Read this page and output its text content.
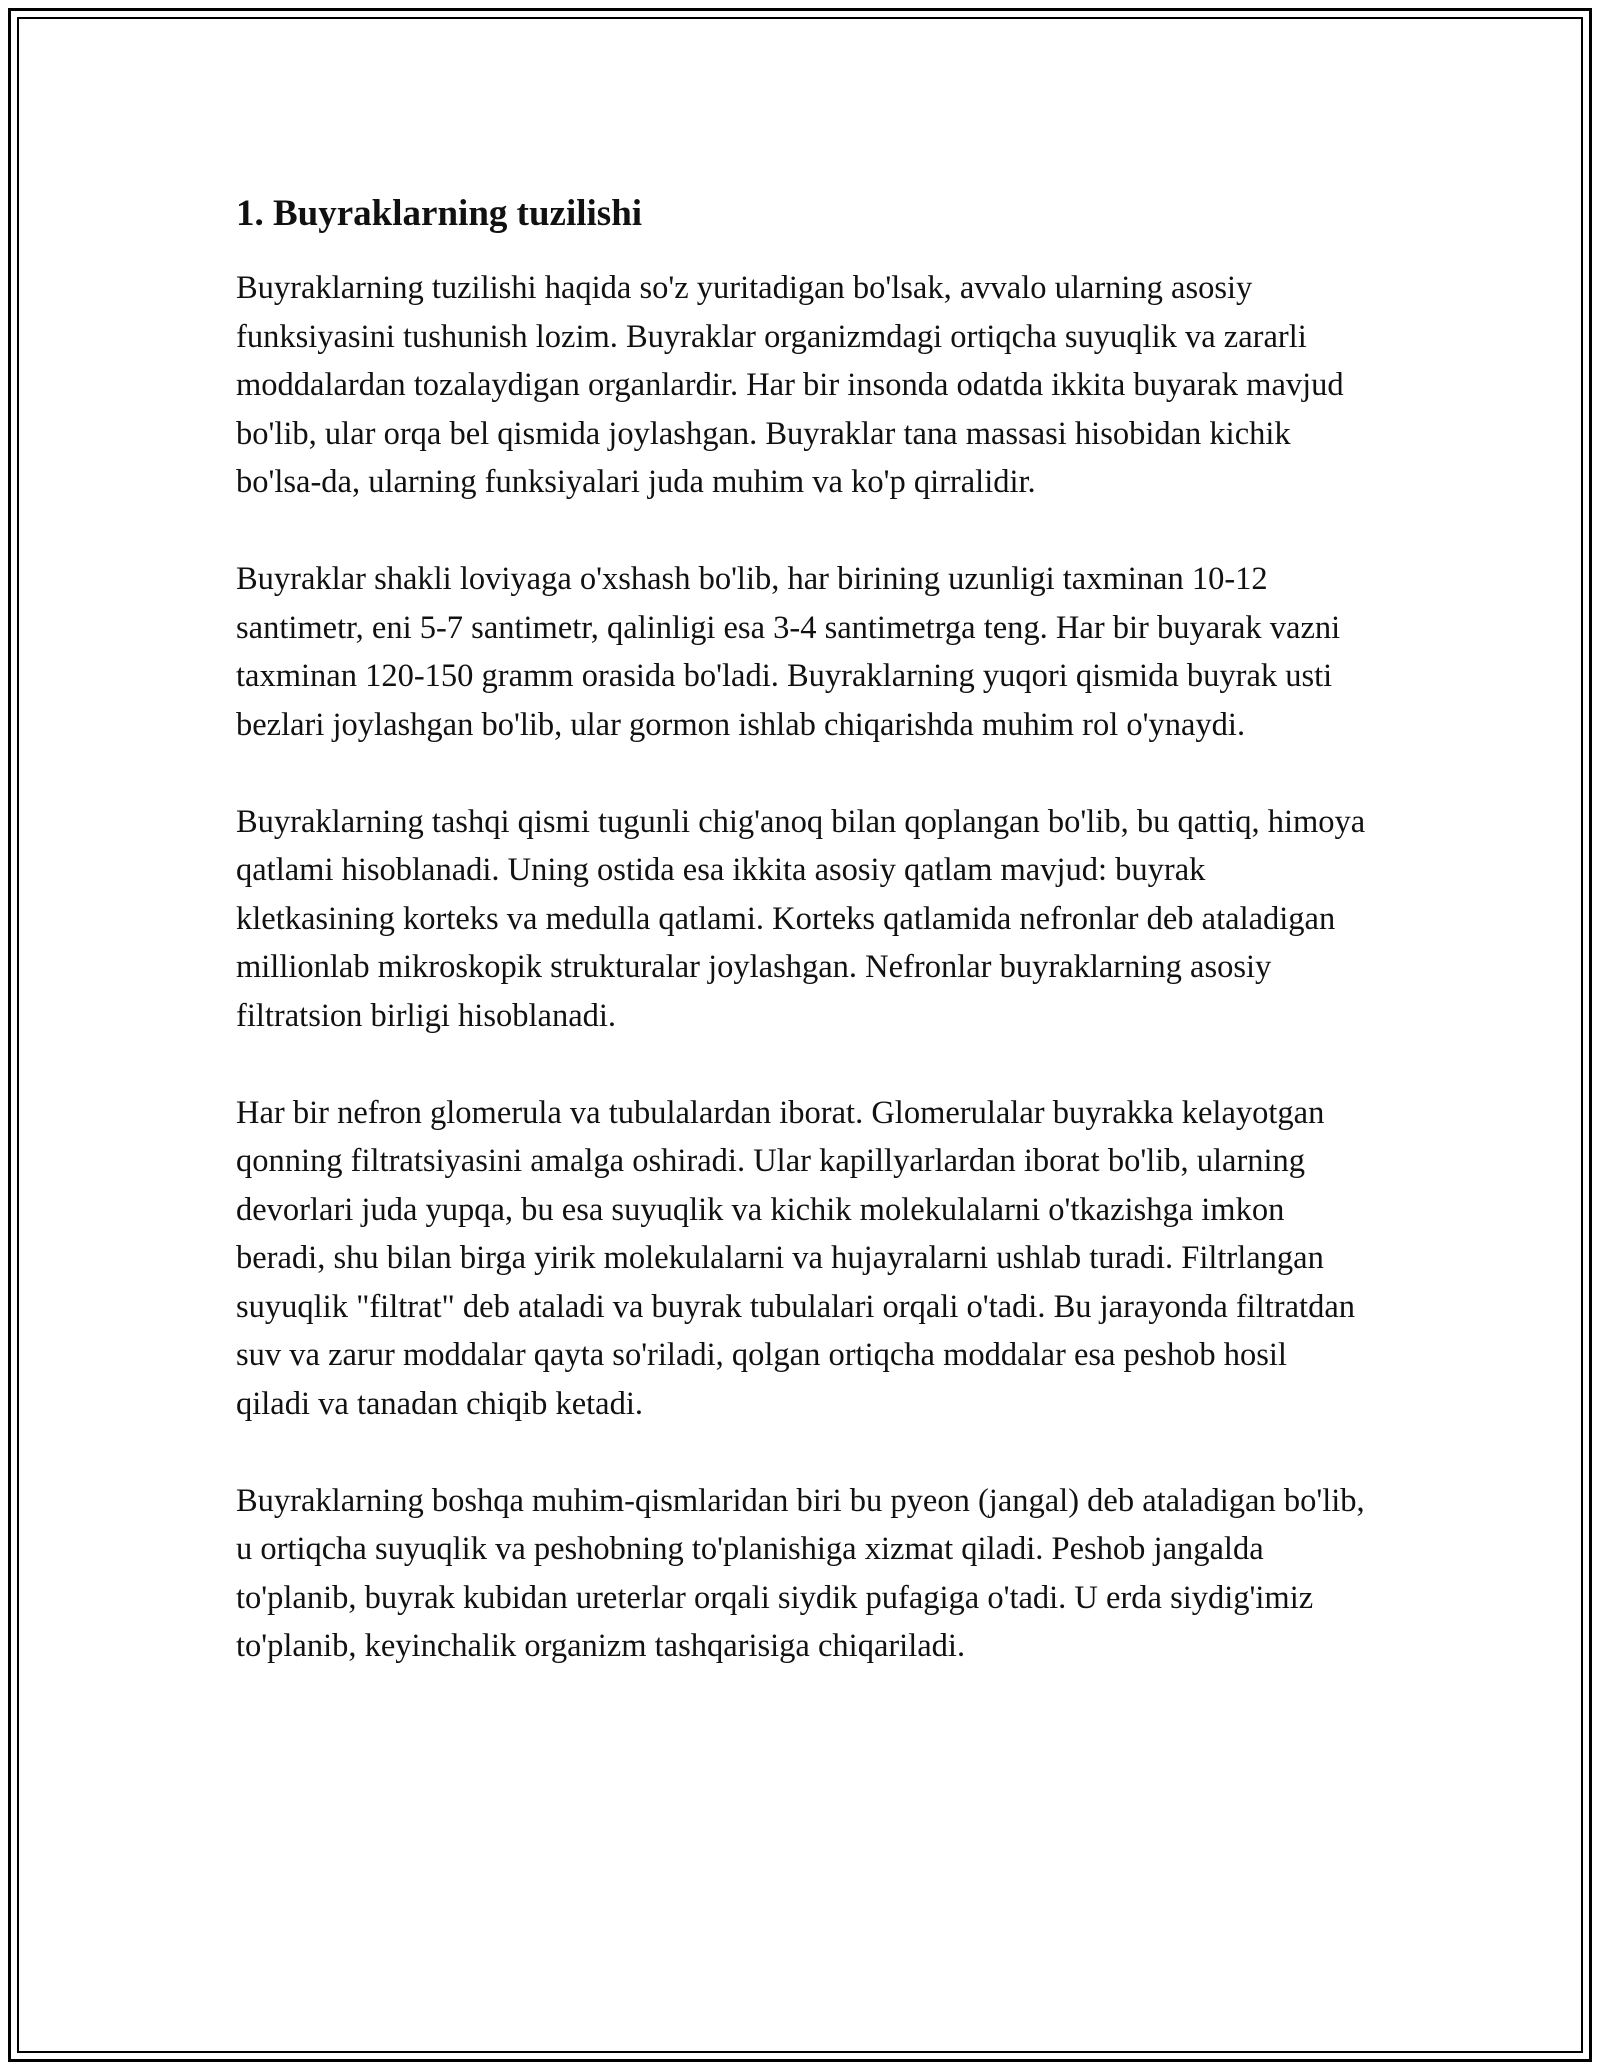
1. Buyraklarning tuzilishi

Buyraklarning tuzilishi haqida so'z yuritadigan bo'lsak, avvalo ularning asosiy funksiyasini tushunish lozim. Buyraklar organizmdagi ortiqcha suyuqlik va zararli moddalardan tozalaydigan organlardir. Har bir insonda odatda ikkita buyarak mavjud bo'lib, ular orqa bel qismida joylashgan. Buyraklar tana massasi hisobidan kichik bo'lsa-da, ularning funksiyalari juda muhim va ko'p qirralidir.

Buyraklar shakli loviyaga o'xshash bo'lib, har birining uzunligi taxminan 10-12 santimetr, eni 5-7 santimetr, qalinligi esa 3-4 santimetrga teng. Har bir buyarak vazni taxminan 120-150 gramm orasida bo'ladi. Buyraklarning yuqori qismida buyrak usti bezlari joylashgan bo'lib, ular gormon ishlab chiqarishda muhim rol o'ynaydi.

Buyraklarning tashqi qismi tugunli chig'anoq bilan qoplangan bo'lib, bu qattiq, himoya qatlami hisoblanadi. Uning ostida esa ikkita asosiy qatlam mavjud: buyrak kletkasining korteks va medulla qatlami. Korteks qatlamida nefronlar deb ataladigan millionlab mikroskopik strukturalar joylashgan. Nefronlar buyraklarning asosiy filtratsion birligi hisoblanadi.

Har bir nefron glomerula va tubulalardan iborat. Glomerulalar buyrakka kelayotgan qonning filtratsiyasini amalga oshiradi. Ular kapillyarlardan iborat bo'lib, ularning devorlari juda yupqa, bu esa suyuqlik va kichik molekulalarni o'tkazishga imkon beradi, shu bilan birga yirik molekulalarni va hujayralarni ushlab turadi. Filtrlangan suyuqlik "filtrat" deb ataladi va buyrak tubulalari orqali o'tadi. Bu jarayonda filtratdan suv va zarur moddalar qayta so'riladi, qolgan ortiqcha moddalar esa peshob hosil qiladi va tanadan chiqib ketadi.

Buyraklarning boshqa muhim-qismlaridan biri bu pyeon (jangal) deb ataladigan bo'lib, u ortiqcha suyuqlik va peshobning to'planishiga xizmat qiladi. Peshob jangalda to'planib, buyrak kubidan ureterlar orqali siydik pufagiga o'tadi. U erda siydig'imiz to'planib, keyinchalik organizm tashqarisiga chiqariladi.
